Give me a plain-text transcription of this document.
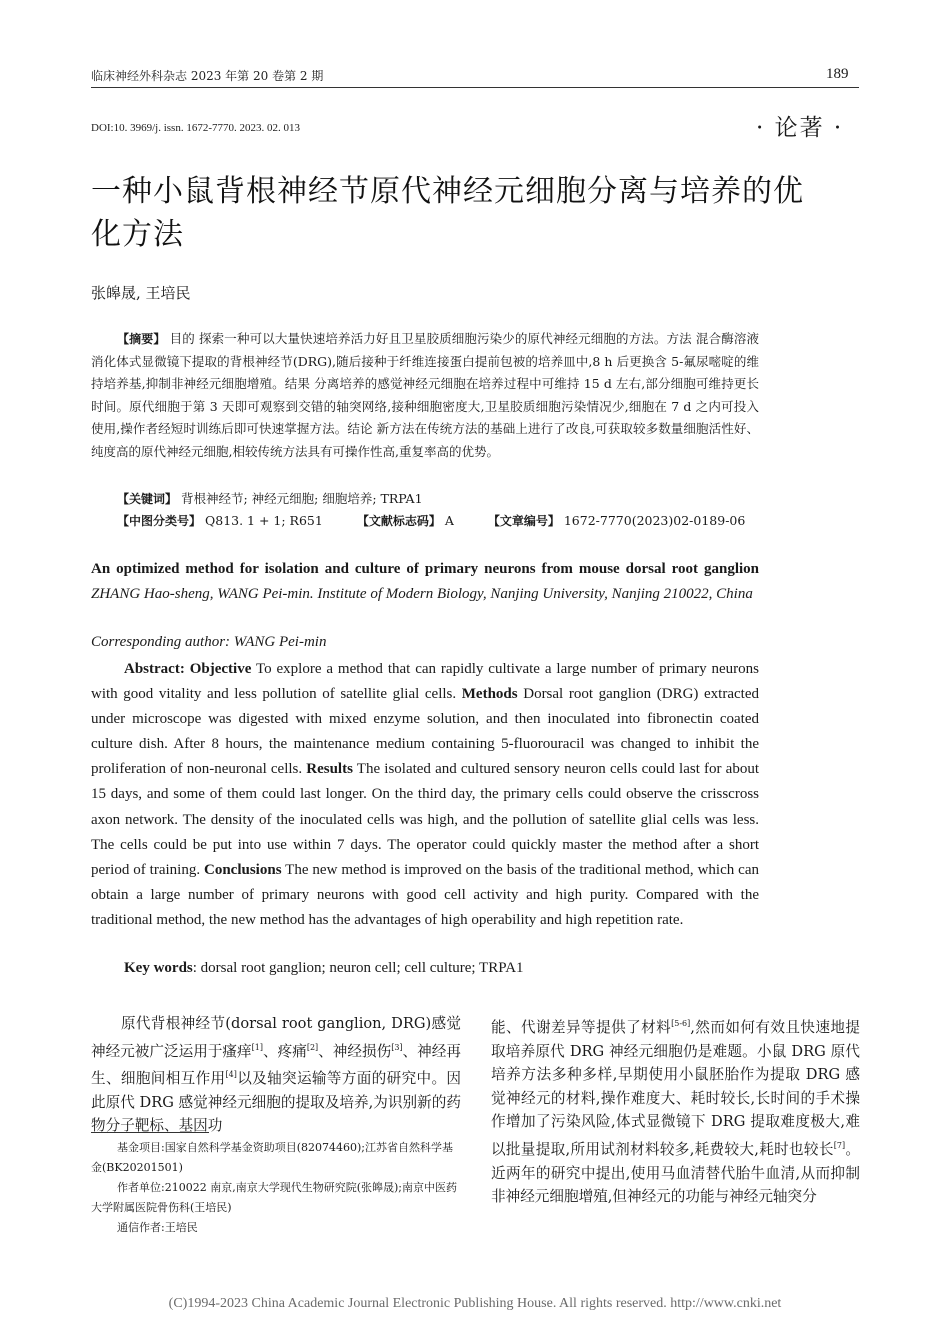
临床神经外科杂志 2023 年第 20 卷第 2 期	189
DOI:10. 3969/j. issn. 1672-7770. 2023. 02. 013	· 论著 ·
一种小鼠背根神经节原代神经元细胞分离与培养的优化方法
张皞晟, 王培民
【摘要】 目的 探索一种可以大量快速培养活力好且卫星胶质细胞污染少的原代神经元细胞的方法。方法 混合酶溶液消化体式显微镜下提取的背根神经节(DRG),随后接种于纤维连接蛋白提前包被的培养皿中,8 h 后更换含 5-氟尿嘧啶的维持培养基,抑制非神经元细胞增殖。结果 分离培养的感觉神经元细胞在培养过程中可维持 15 d 左右,部分细胞可维持更长时间。原代细胞于第 3 天即可观察到交错的轴突网络,接种细胞密度大,卫星胶质细胞污染情况少,细胞在 7 d 之内可投入使用,操作者经短时训练后即可快速掌握方法。结论 新方法在传统方法的基础上进行了改良,可获取较多数量细胞活性好、纯度高的原代神经元细胞,相较传统方法具有可操作性高,重复率高的优势。
【关键词】 背根神经节; 神经元细胞; 细胞培养; TRPA1
【中图分类号】 Q813. 1 + 1; R651	【文献标志码】 A	【文章编号】 1672-7770(2023)02-0189-06
An optimized method for isolation and culture of primary neurons from mouse dorsal root ganglion ZHANG Hao-sheng, WANG Pei-min. Institute of Modern Biology, Nanjing University, Nanjing 210022, China
Corresponding author: WANG Pei-min
Abstract: Objective To explore a method that can rapidly cultivate a large number of primary neurons with good vitality and less pollution of satellite glial cells. Methods Dorsal root ganglion (DRG) extracted under microscope was digested with mixed enzyme solution, and then inoculated into fibronectin coated culture dish. After 8 hours, the maintenance medium containing 5-fluorouracil was changed to inhibit the proliferation of non-neuronal cells. Results The isolated and cultured sensory neuron cells could last for about 15 days, and some of them could last longer. On the third day, the primary cells could observe the crisscross axon network. The density of the inoculated cells was high, and the pollution of satellite glial cells was less. The cells could be put into use within 7 days. The operator could quickly master the method after a short period of training. Conclusions The new method is improved on the basis of the traditional method, which can obtain a large number of primary neurons with good cell activity and high purity. Compared with the traditional method, the new method has the advantages of high operability and high repetition rate.
Key words: dorsal root ganglion; neuron cell; cell culture; TRPA1
原代背根神经节(dorsal root ganglion, DRG)感觉神经元被广泛运用于瘙痒[1]、疼痛[2]、神经损伤[3]、神经再生、细胞间相互作用[4]以及轴突运输等方面的研究中。因此原代 DRG 感觉神经元细胞的提取及培养,为识别新的药物分子靶标、基因功
能、代谢差异等提供了材料[5-6],然而如何有效且快速地提取培养原代 DRG 神经元细胞仍是难题。小鼠 DRG 原代培养方法多种多样,早期使用小鼠胚胎作为提取 DRG 感觉神经元的材料,操作难度大、耗时较长,长时间的手术操作增加了污染风险,体式显微镜下 DRG 提取难度极大,难以批量提取,所用试剂材料较多,耗费较大,耗时也较长[7]。近两年的研究中提出,使用马血清替代胎牛血清,从而抑制非神经元细胞增殖,但神经元的功能与神经元轴突分

基金项目:国家自然科学基金资助项目(82074460);江苏省自然科学基金(BK20201501)

作者单位:210022 南京,南京大学现代生物研究院(张皞晟);南京中医药大学附属医院骨伤科(王培民)

通信作者:王培民

(C)1994-2023 China Academic Journal Electronic Publishing House. All rights reserved. http://www.cnki.net
